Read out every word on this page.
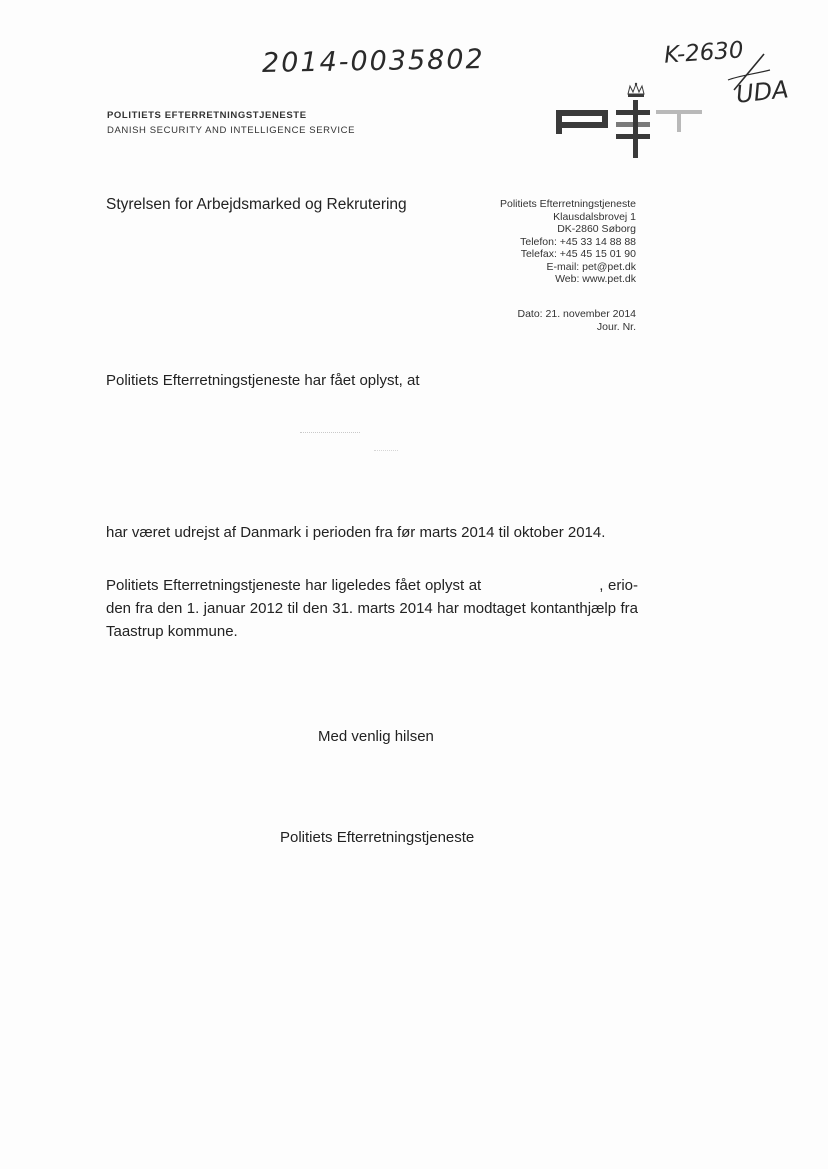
2014-0035802	K-2630
UDA
POLITIETS EFTERRETNINGSTJENESTE
DANISH SECURITY AND INTELLIGENCE SERVICE
Styrelsen for Arbejdsmarked og Rekrutering	Politiets Efterretningstjeneste
Klausdalsbrovej 1
DK-2860 Søborg
Telefon: +45 33 14 88 88
Telefax: +45 45 15 01 90
E-mail: pet@pet.dk
Web: www.pet.dk
Dato: 21. november 2014
Jour. Nr.
Politiets Efterretningstjeneste har fået oplyst, at
har været udrejst af Danmark i perioden fra før marts 2014 til oktober 2014.
Politiets Efterretningstjeneste har ligeledes fået oplyst at	, erio-den fra den 1. januar 2012 til den 31. marts 2014 har modtaget kontanthjælp fra Taastrup kommune.
Med venlig hilsen
Politiets Efterretningstjeneste
